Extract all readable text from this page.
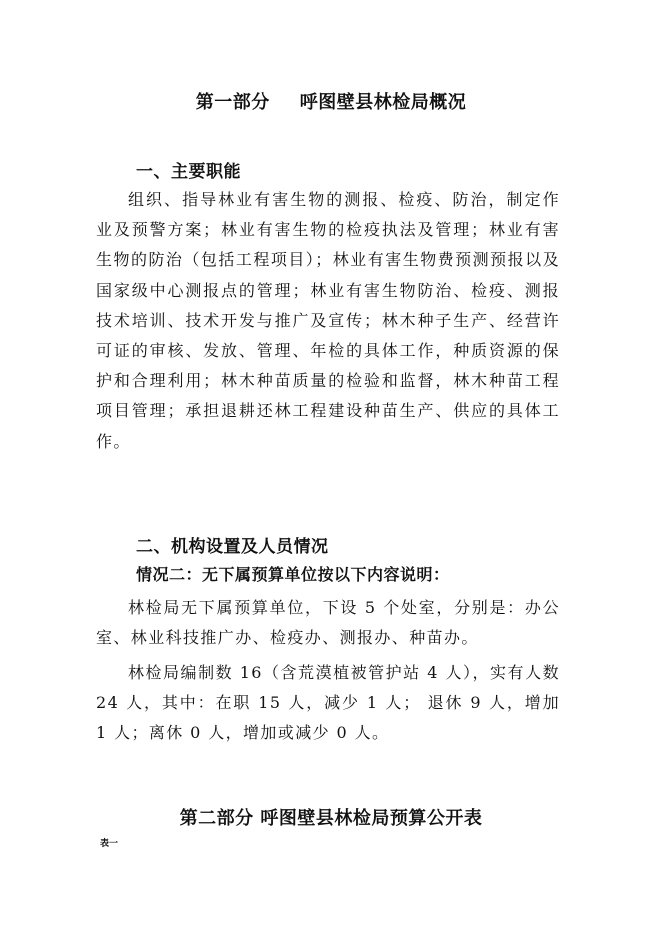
第一部分 呼图壁县林检局概况
一、主要职能
组织、指导林业有害生物的测报、检疫、防治，制定作业及预警方案；林业有害生物的检疫执法及管理；林业有害生物的防治（包括工程项目）；林业有害生物费预测预报以及国家级中心测报点的管理；林业有害生物防治、检疫、测报技术培训、技术开发与推广及宣传；林木种子生产、经营许可证的审核、发放、管理、年检的具体工作，种质资源的保护和合理利用；林木种苗质量的检验和监督，林木种苗工程项目管理；承担退耕还林工程建设种苗生产、供应的具体工作。
二、机构设置及人员情况
情况二：无下属预算单位按以下内容说明：
林检局无下属预算单位，下设 5 个处室，分别是：办公室、林业科技推广办、检疫办、测报办、种苗办。
林检局编制数 16（含荒漠植被管护站 4 人），实有人数 24 人，其中：在职 15 人，减少 1 人； 退休 9 人，增加 1 人；离休 0 人，增加或减少 0 人。
第二部分 呼图壁县林检局预算公开表
表一
